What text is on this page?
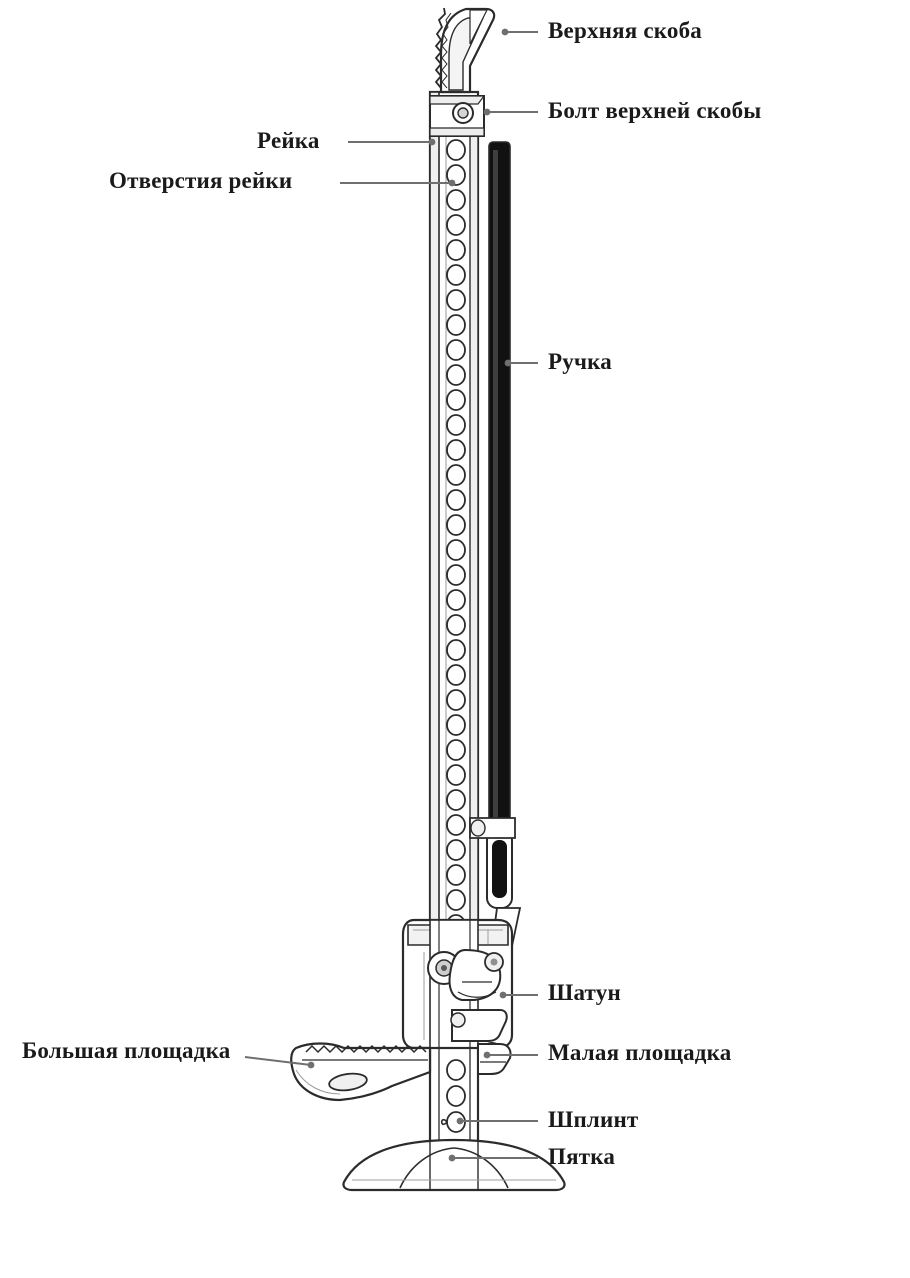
Верхняя скоба
Болт верхней скобы
Рейка
Отверстия рейки
Ручка
Шатун
Большая площадка	Малая площадка
Шплинт
Пятка
